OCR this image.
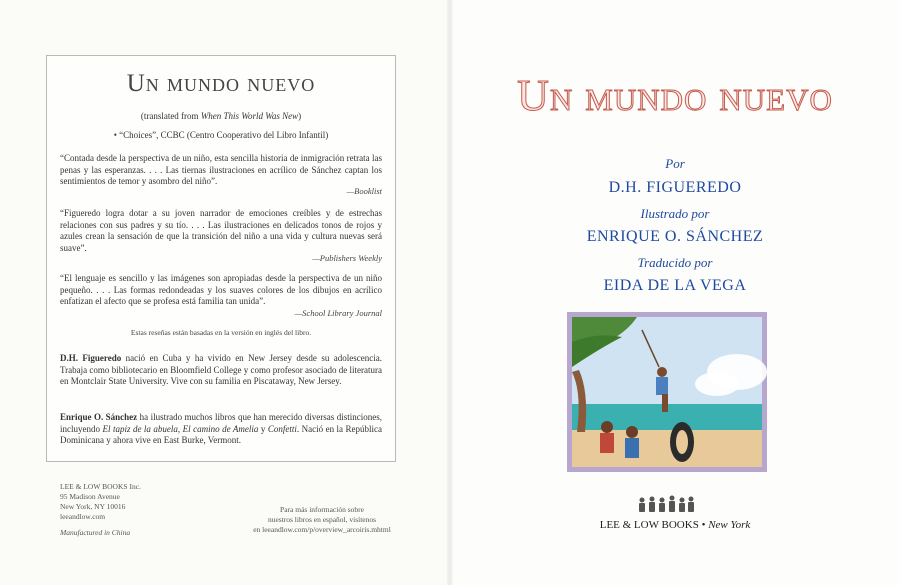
Un mundo nuevo
(translated from When This World Was New)
• “Choices”, CCBC (Centro Cooperativo del Libro Infantil)
“Contada desde la perspectiva de un niño, esta sencilla historia de inmigración retrata las penas y las esperanzas. . . . Las tiernas ilustraciones en acrílico de Sánchez captan los sentimientos de temor y asombro del niño”.
—Booklist
“Figueredo logra dotar a su joven narrador de emociones creíbles y de estrechas relaciones con sus padres y su tío. . . . Las ilustraciones en delicados tonos de rojos y azules crean la sensación de que la transición del niño a una vida y cultura nuevas será suave”.
—Publishers Weekly
“El lenguaje es sencillo y las imágenes son apropiadas desde la perspectiva de un niño pequeño. . . . Las formas redondeadas y los suaves colores de los dibujos en acrílico enfatizan el afecto que se profesa está familia tan unida”.
—School Library Journal
Estas reseñas están basadas en la versión en inglés del libro.
D.H. Figueredo nació en Cuba y ha vivido en New Jersey desde su adolescencia. Trabaja como bibliotecario en Bloomfield College y como profesor asociado de literatura en Montclair State University. Vive con su familia en Piscataway, New Jersey.
Enrique O. Sánchez ha ilustrado muchos libros que han merecido diversas distinciones, incluyendo El tapiz de la abuela, El camino de Amelia y Confetti. Nació en la República Dominicana y ahora vive en East Burke, Vermont.
LEE & LOW BOOKS Inc.
95 Madison Avenue
New York, NY 10016
leeandlow.com
Manufactured in China
Para más información sobre
nuestros libros en español, visítenos
en leeandlow.com/p/overview_arcoiris.mhtml
Un mundo nuevo
Por
D.H. FIGUEREDO
Ilustrado por
ENRIQUE O. SÁNCHEZ
Traducido por
EIDA DE LA VEGA
LEE & LOW BOOKS • New York
